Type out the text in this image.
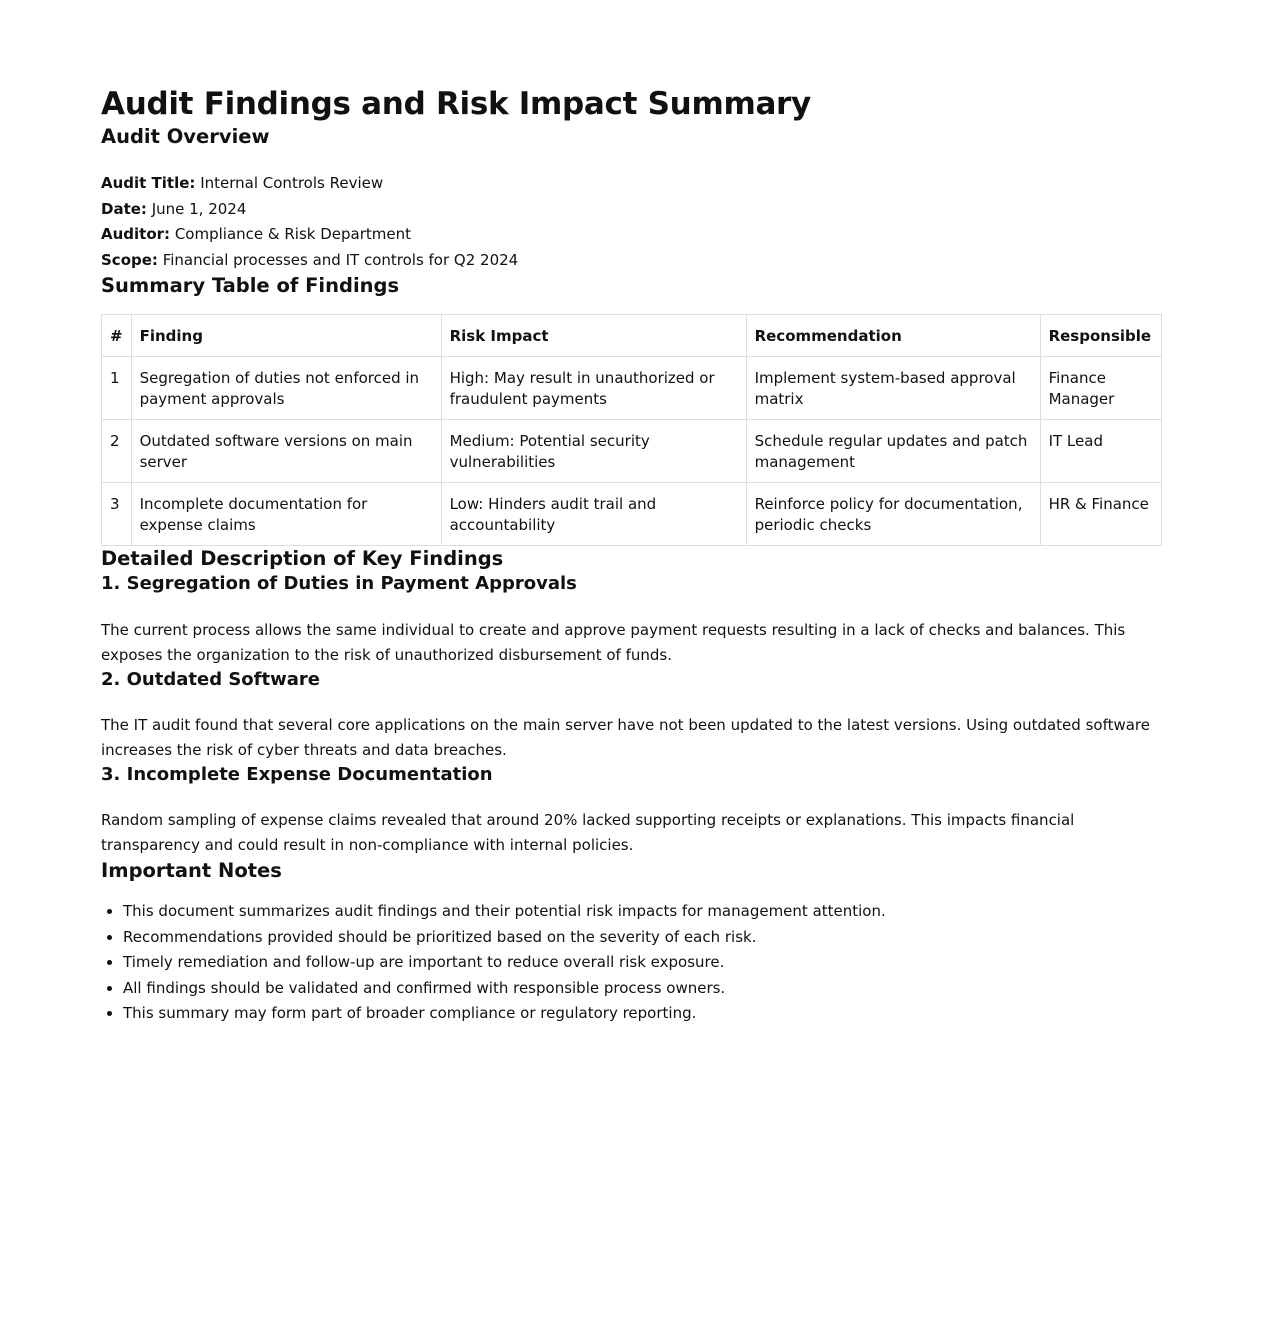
Audit Findings and Risk Impact Summary
Audit Overview
Audit Title: Internal Controls Review
Date: June 1, 2024
Auditor: Compliance & Risk Department
Scope: Financial processes and IT controls for Q2 2024
Summary Table of Findings
#	Finding	Risk Impact	Recommendation	Responsible
1	Segregation of duties not enforced in payment approvals	High: May result in unauthorized or fraudulent payments	Implement system-based approval matrix	Finance Manager
2	Outdated software versions on main server	Medium: Potential security vulnerabilities	Schedule regular updates and patch management	IT Lead
3	Incomplete documentation for expense claims	Low: Hinders audit trail and accountability	Reinforce policy for documentation, periodic checks	HR & Finance
Detailed Description of Key Findings
1. Segregation of Duties in Payment Approvals

The current process allows the same individual to create and approve payment requests resulting in a lack of checks and balances. This exposes the organization to the risk of unauthorized disbursement of funds.

2. Outdated Software

The IT audit found that several core applications on the main server have not been updated to the latest versions. Using outdated software increases the risk of cyber threats and data breaches.

3. Incomplete Expense Documentation

Random sampling of expense claims revealed that around 20% lacked supporting receipts or explanations. This impacts financial transparency and could result in non-compliance with internal policies.

Important Notes
• This document summarizes audit findings and their potential risk impacts for management attention.
• Recommendations provided should be prioritized based on the severity of each risk.
• Timely remediation and follow-up are important to reduce overall risk exposure.
• All findings should be validated and confirmed with responsible process owners.
• This summary may form part of broader compliance or regulatory reporting.
